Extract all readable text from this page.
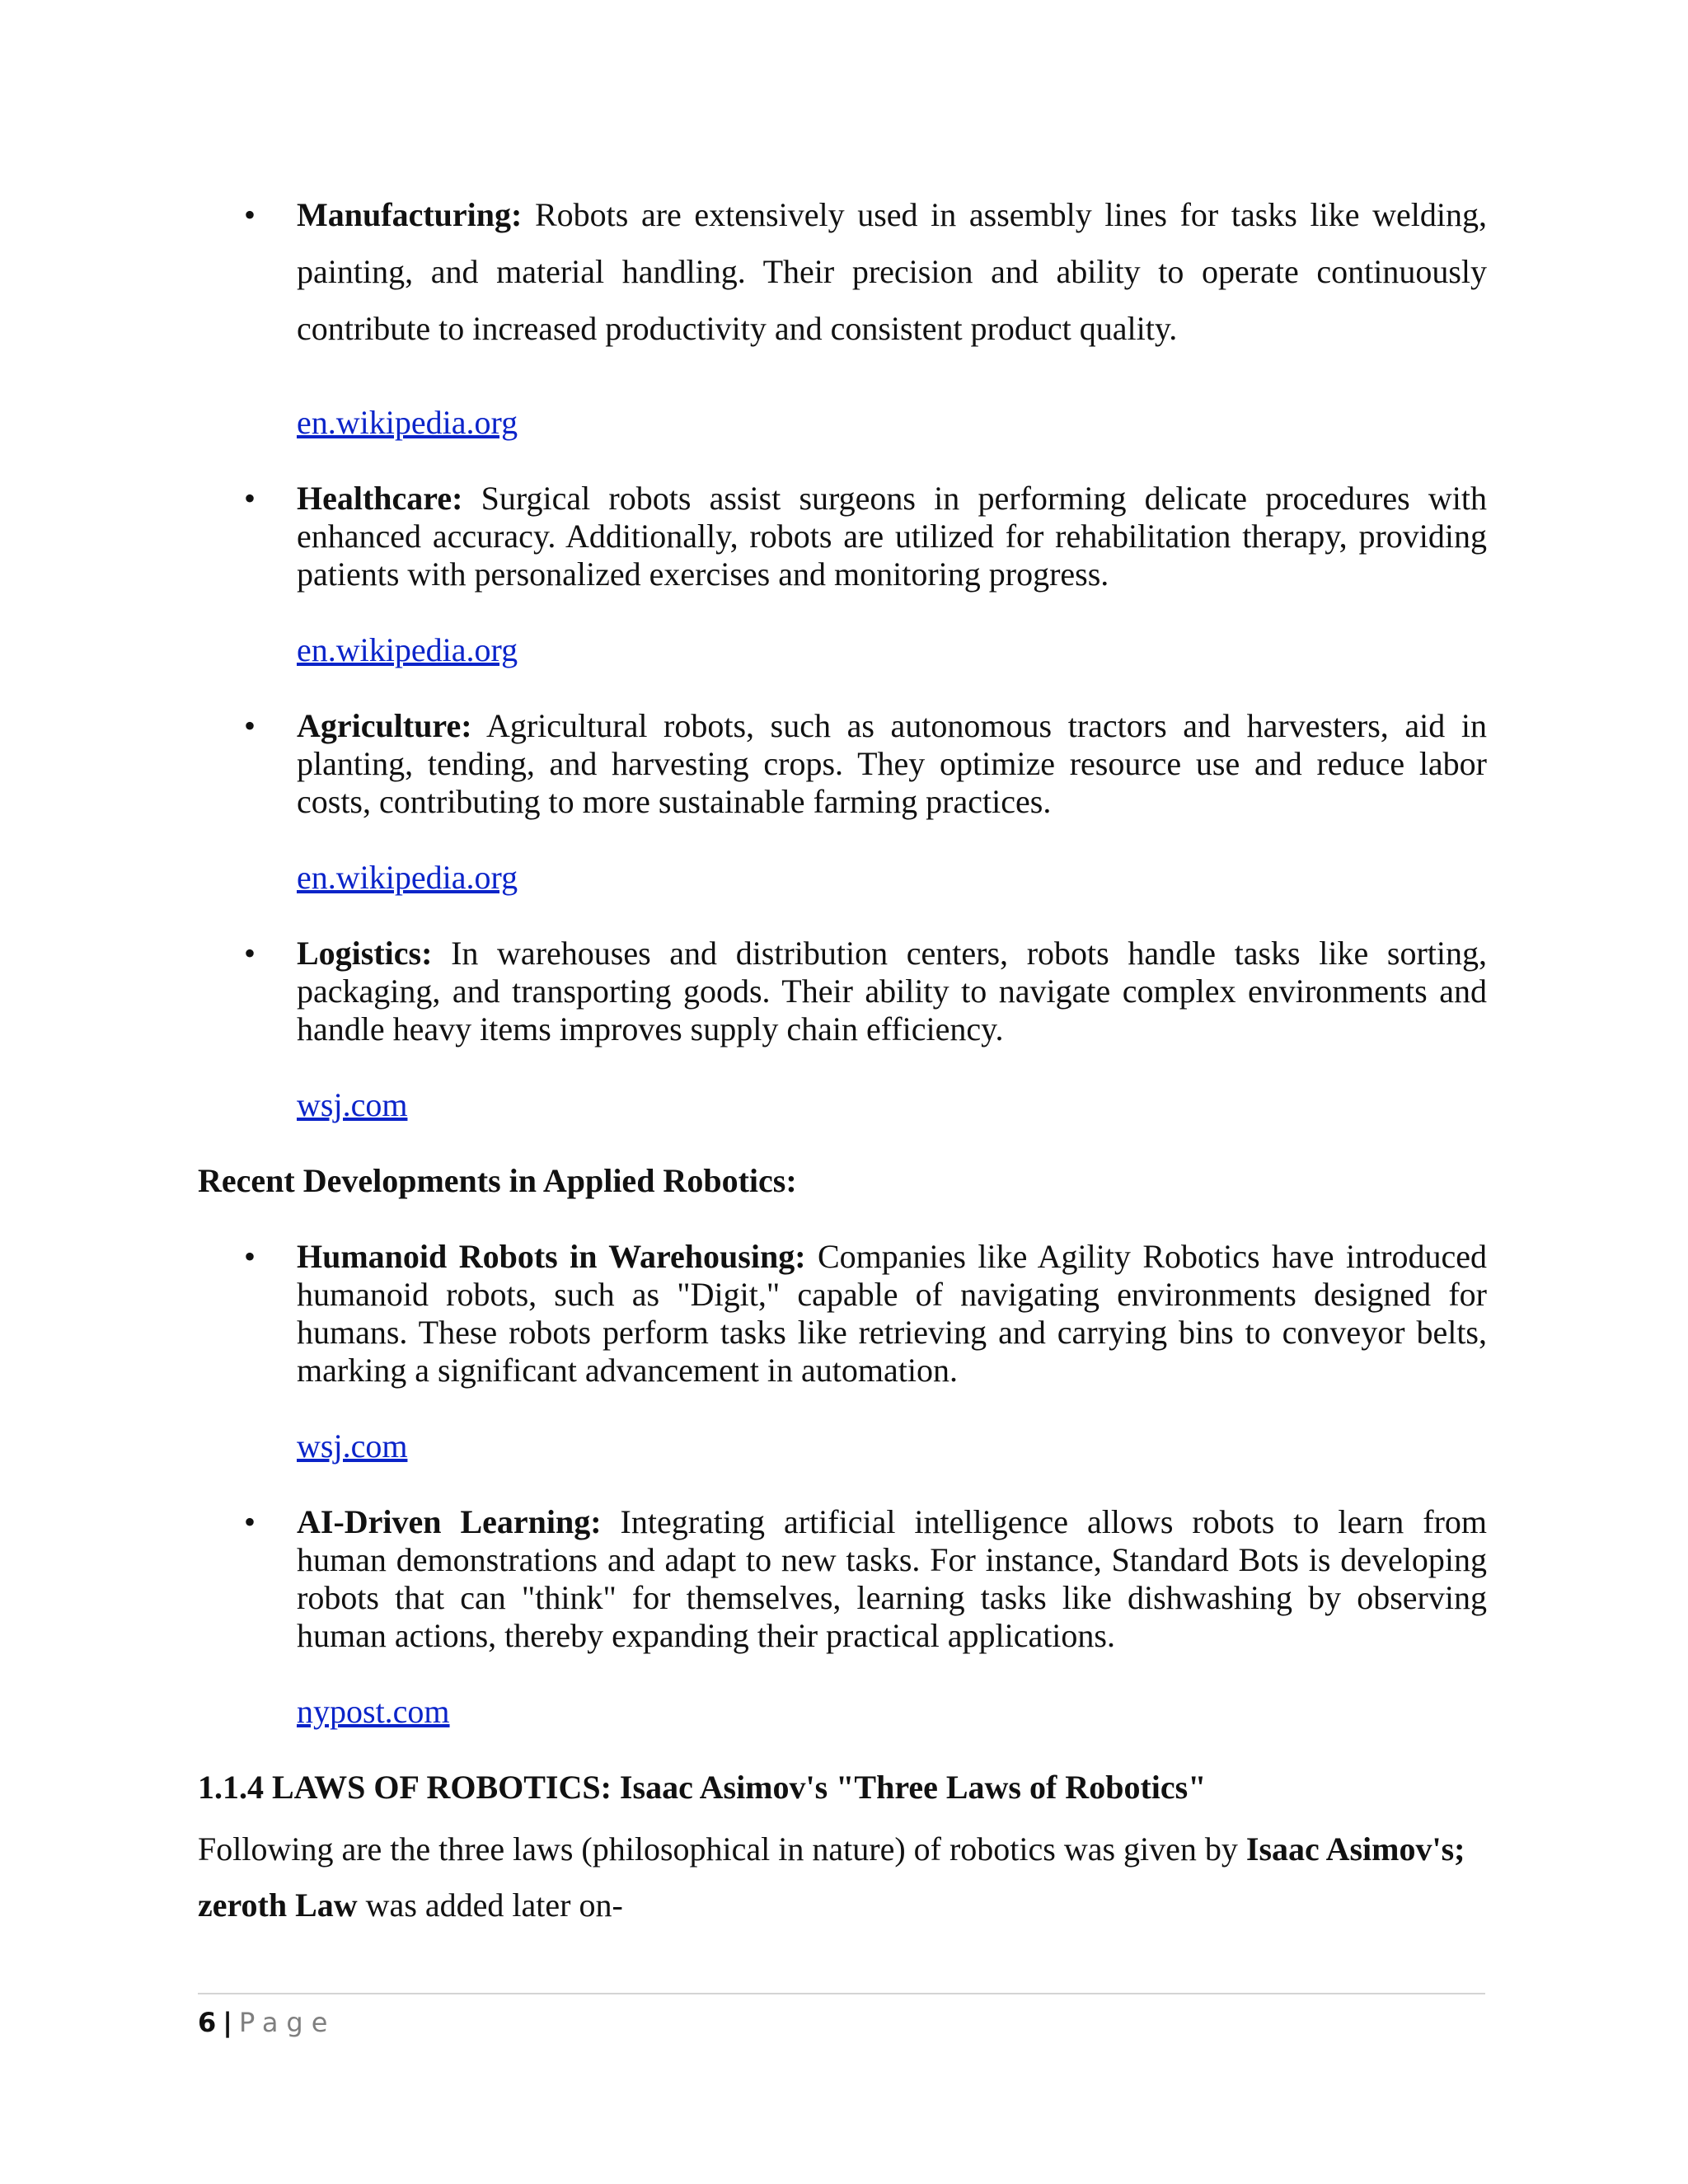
• Manufacturing: Robots are extensively used in assembly lines for tasks like welding, painting, and material handling. Their precision and ability to operate continuously contribute to increased productivity and consistent product quality.
en.wikipedia.org
• Healthcare: Surgical robots assist surgeons in performing delicate procedures with enhanced accuracy. Additionally, robots are utilized for rehabilitation therapy, providing patients with personalized exercises and monitoring progress.
en.wikipedia.org
• Agriculture: Agricultural robots, such as autonomous tractors and harvesters, aid in planting, tending, and harvesting crops. They optimize resource use and reduce labor costs, contributing to more sustainable farming practices.
en.wikipedia.org
• Logistics: In warehouses and distribution centers, robots handle tasks like sorting, packaging, and transporting goods. Their ability to navigate complex environments and handle heavy items improves supply chain efficiency.
wsj.com
Recent Developments in Applied Robotics:
• Humanoid Robots in Warehousing: Companies like Agility Robotics have introduced humanoid robots, such as "Digit," capable of navigating environments designed for humans. These robots perform tasks like retrieving and carrying bins to conveyor belts, marking a significant advancement in automation.
wsj.com
• AI-Driven Learning: Integrating artificial intelligence allows robots to learn from human demonstrations and adapt to new tasks. For instance, Standard Bots is developing robots that can "think" for themselves, learning tasks like dishwashing by observing human actions, thereby expanding their practical applications.
nypost.com
1.1.4 LAWS OF ROBOTICS: Isaac Asimov's "Three Laws of Robotics"
Following are the three laws (philosophical in nature) of robotics was given by Isaac Asimov's;
zeroth Law was added later on-
6 | Page
